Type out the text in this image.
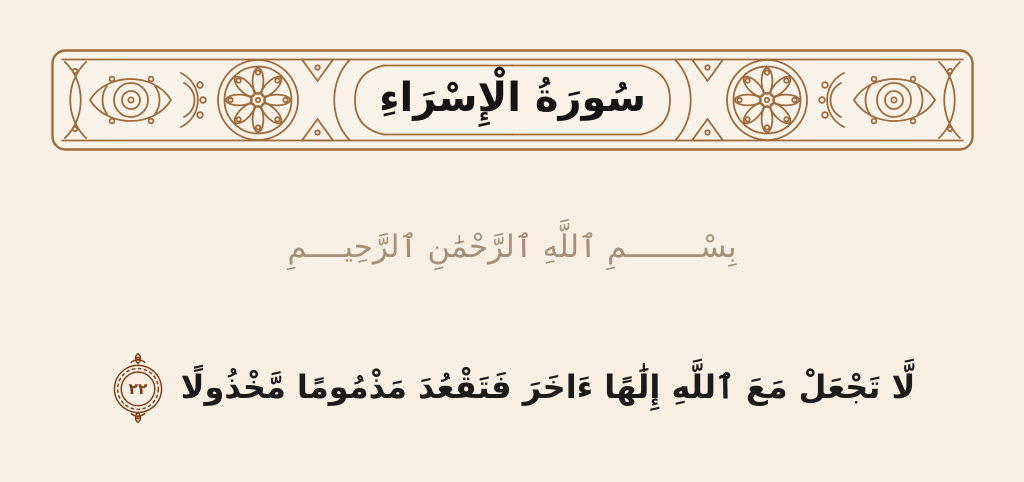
سُورَةُ الْإِسْرَاءِ
بِسْــــــــمِ ٱللَّهِ ٱلرَّحْمَٰنِ ٱلرَّحِيــــمِ
لَّا تَجْعَلْ مَعَ ٱللَّهِ إِلَٰهًا ءَاخَرَ فَتَقْعُدَ مَذْمُومًا مَّخْذُولًا
٢٢
